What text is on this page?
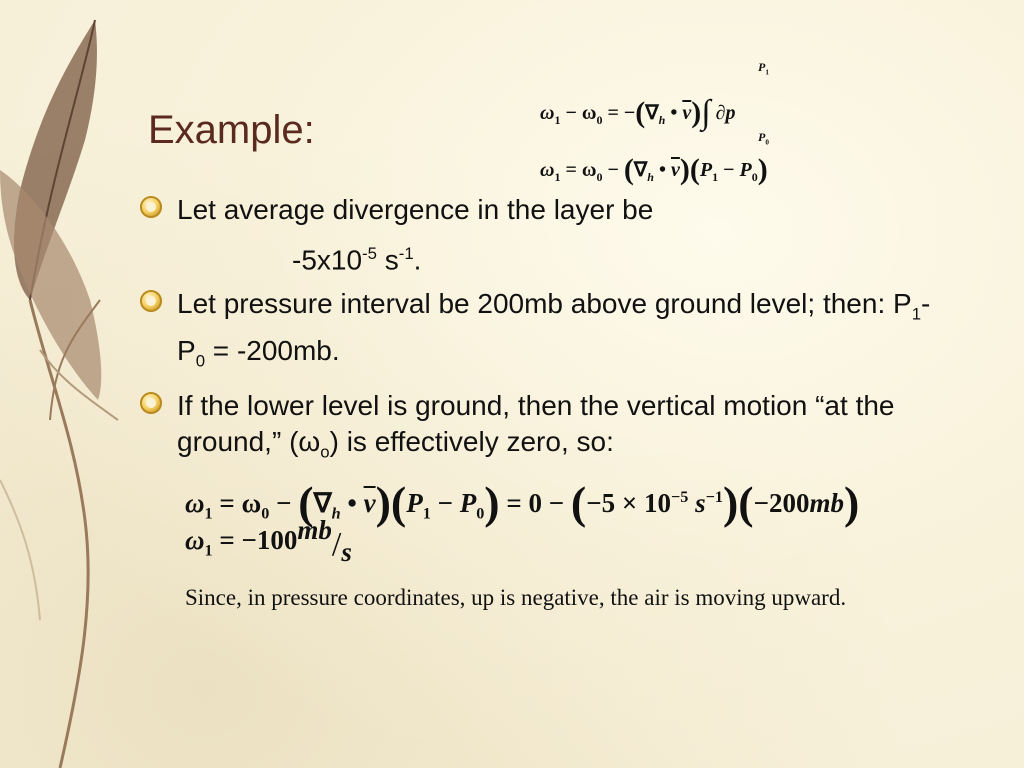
Example:
$P_1$
$P_0$
$\omega_1 - \omega_0 = -(\nabla_h$ • $\overline{v})\int$ ∂p
$\omega_1 = \omega_0 - (\nabla_h$ • $\overline{v})(P_1 - P_0)$
Let average divergence in the layer be
$-5x10^{-5}$ $s^{-1}$.
Let pressure interval be 200mb above ground level; then: $P_1-P_0 = -200mb$.
If the lower level is ground, then the vertical motion “at the ground,” $(\omega_o)$ is effectively zero, so:
$\omega_1 = \omega_0 - (\nabla_h$ • $\overline{v})(P_1 - P_0) = 0 - (-5 \times 10^{-5}$ $s^{-1})(-200mb)$
$\omega_1 = -100mb/s$

Since, in pressure coordinates, up is negative, the air is moving upward.
